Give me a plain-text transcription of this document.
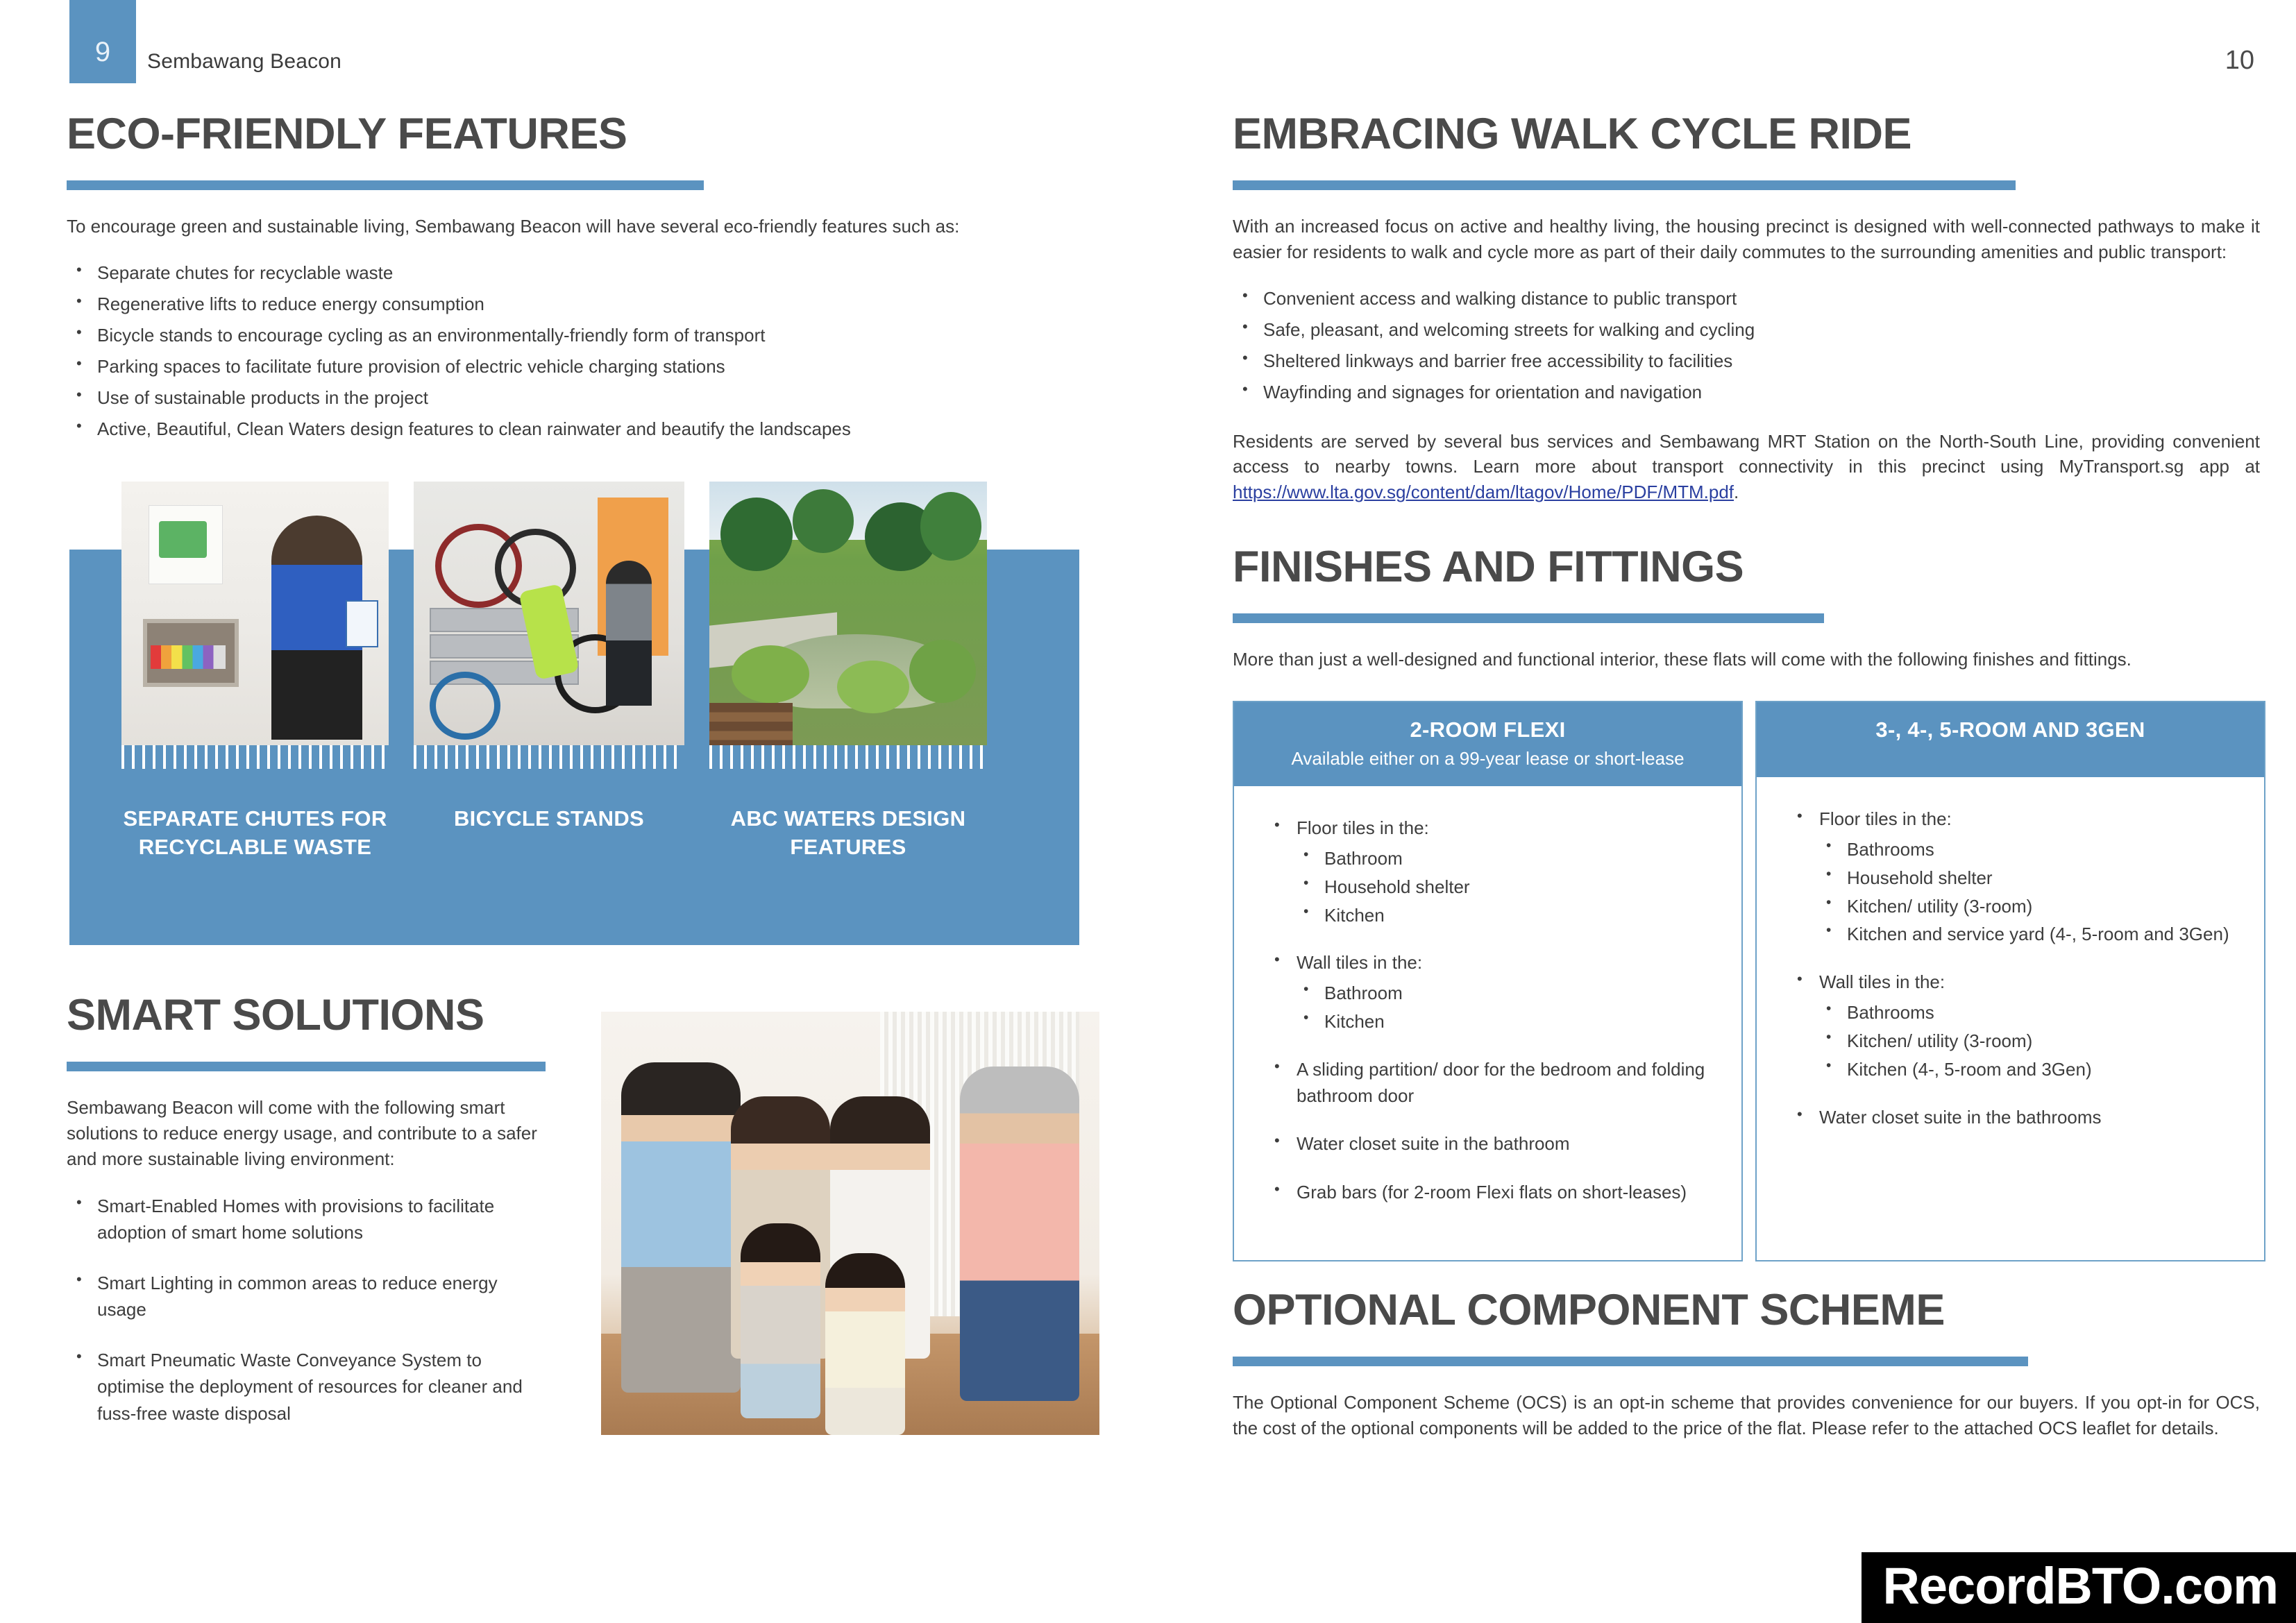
9 Sembawang Beacon	10
ECO-FRIENDLY FEATURES
To encourage green and sustainable living, Sembawang Beacon will have several eco-friendly features such as:
• Separate chutes for recyclable waste
• Regenerative lifts to reduce energy consumption
• Bicycle stands to encourage cycling as an environmentally-friendly form of transport
• Parking spaces to facilitate future provision of electric vehicle charging stations
• Use of sustainable products in the project
• Active, Beautiful, Clean Waters design features to clean rainwater and beautify the landscapes
SEPARATE CHUTES FOR RECYCLABLE WASTE
BICYCLE STANDS	ABC WATERS DESIGN FEATURES
SMART SOLUTIONS
Sembawang Beacon will come with the following smart solutions to reduce energy usage, and contribute to a safer and more sustainable living environment:
• Smart-Enabled Homes with provisions to facilitate adoption of smart home solutions
• Smart Lighting in common areas to reduce energy usage
• Smart Pneumatic Waste Conveyance System to optimise the deployment of resources for cleaner and fuss-free waste disposal
EMBRACING WALK CYCLE RIDE
With an increased focus on active and healthy living, the housing precinct is designed with well-connected pathways to make it easier for residents to walk and cycle more as part of their daily commutes to the surrounding amenities and public transport:
• Convenient access and walking distance to public transport
• Safe, pleasant, and welcoming streets for walking and cycling
• Sheltered linkways and barrier free accessibility to facilities
• Wayfinding and signages for orientation and navigation
Residents are served by several bus services and Sembawang MRT Station on the North-South Line, providing convenient access to nearby towns. Learn more about transport connectivity in this precinct using MyTransport.sg app at https://www.lta.gov.sg/content/dam/ltagov/Home/PDF/MTM.pdf.
FINISHES AND FITTINGS
More than just a well-designed and functional interior, these flats will come with the following finishes and fittings.
2-ROOM FLEXI
Available either on a 99-year lease or short-lease
• Floor tiles in the:
• Bathroom
• Household shelter
• Kitchen
• Wall tiles in the:
• Bathroom
• Kitchen
• A sliding partition/ door for the bedroom and folding bathroom door
• Water closet suite in the bathroom
• Grab bars (for 2-room Flexi flats on short-leases)
3-, 4-, 5-ROOM AND 3GEN
• Floor tiles in the:
• Bathrooms
• Household shelter
• Kitchen/ utility (3-room)
• Kitchen and service yard (4-, 5-room and 3Gen)
• Wall tiles in the:
• Bathrooms
• Kitchen/ utility (3-room)
• Kitchen (4-, 5-room and 3Gen)
• Water closet suite in the bathrooms
OPTIONAL COMPONENT SCHEME
The Optional Component Scheme (OCS) is an opt-in scheme that provides convenience for our buyers. If you opt-in for OCS, the cost of the optional components will be added to the price of the flat. Please refer to the attached OCS leaflet for details.
RecordBTO.com
